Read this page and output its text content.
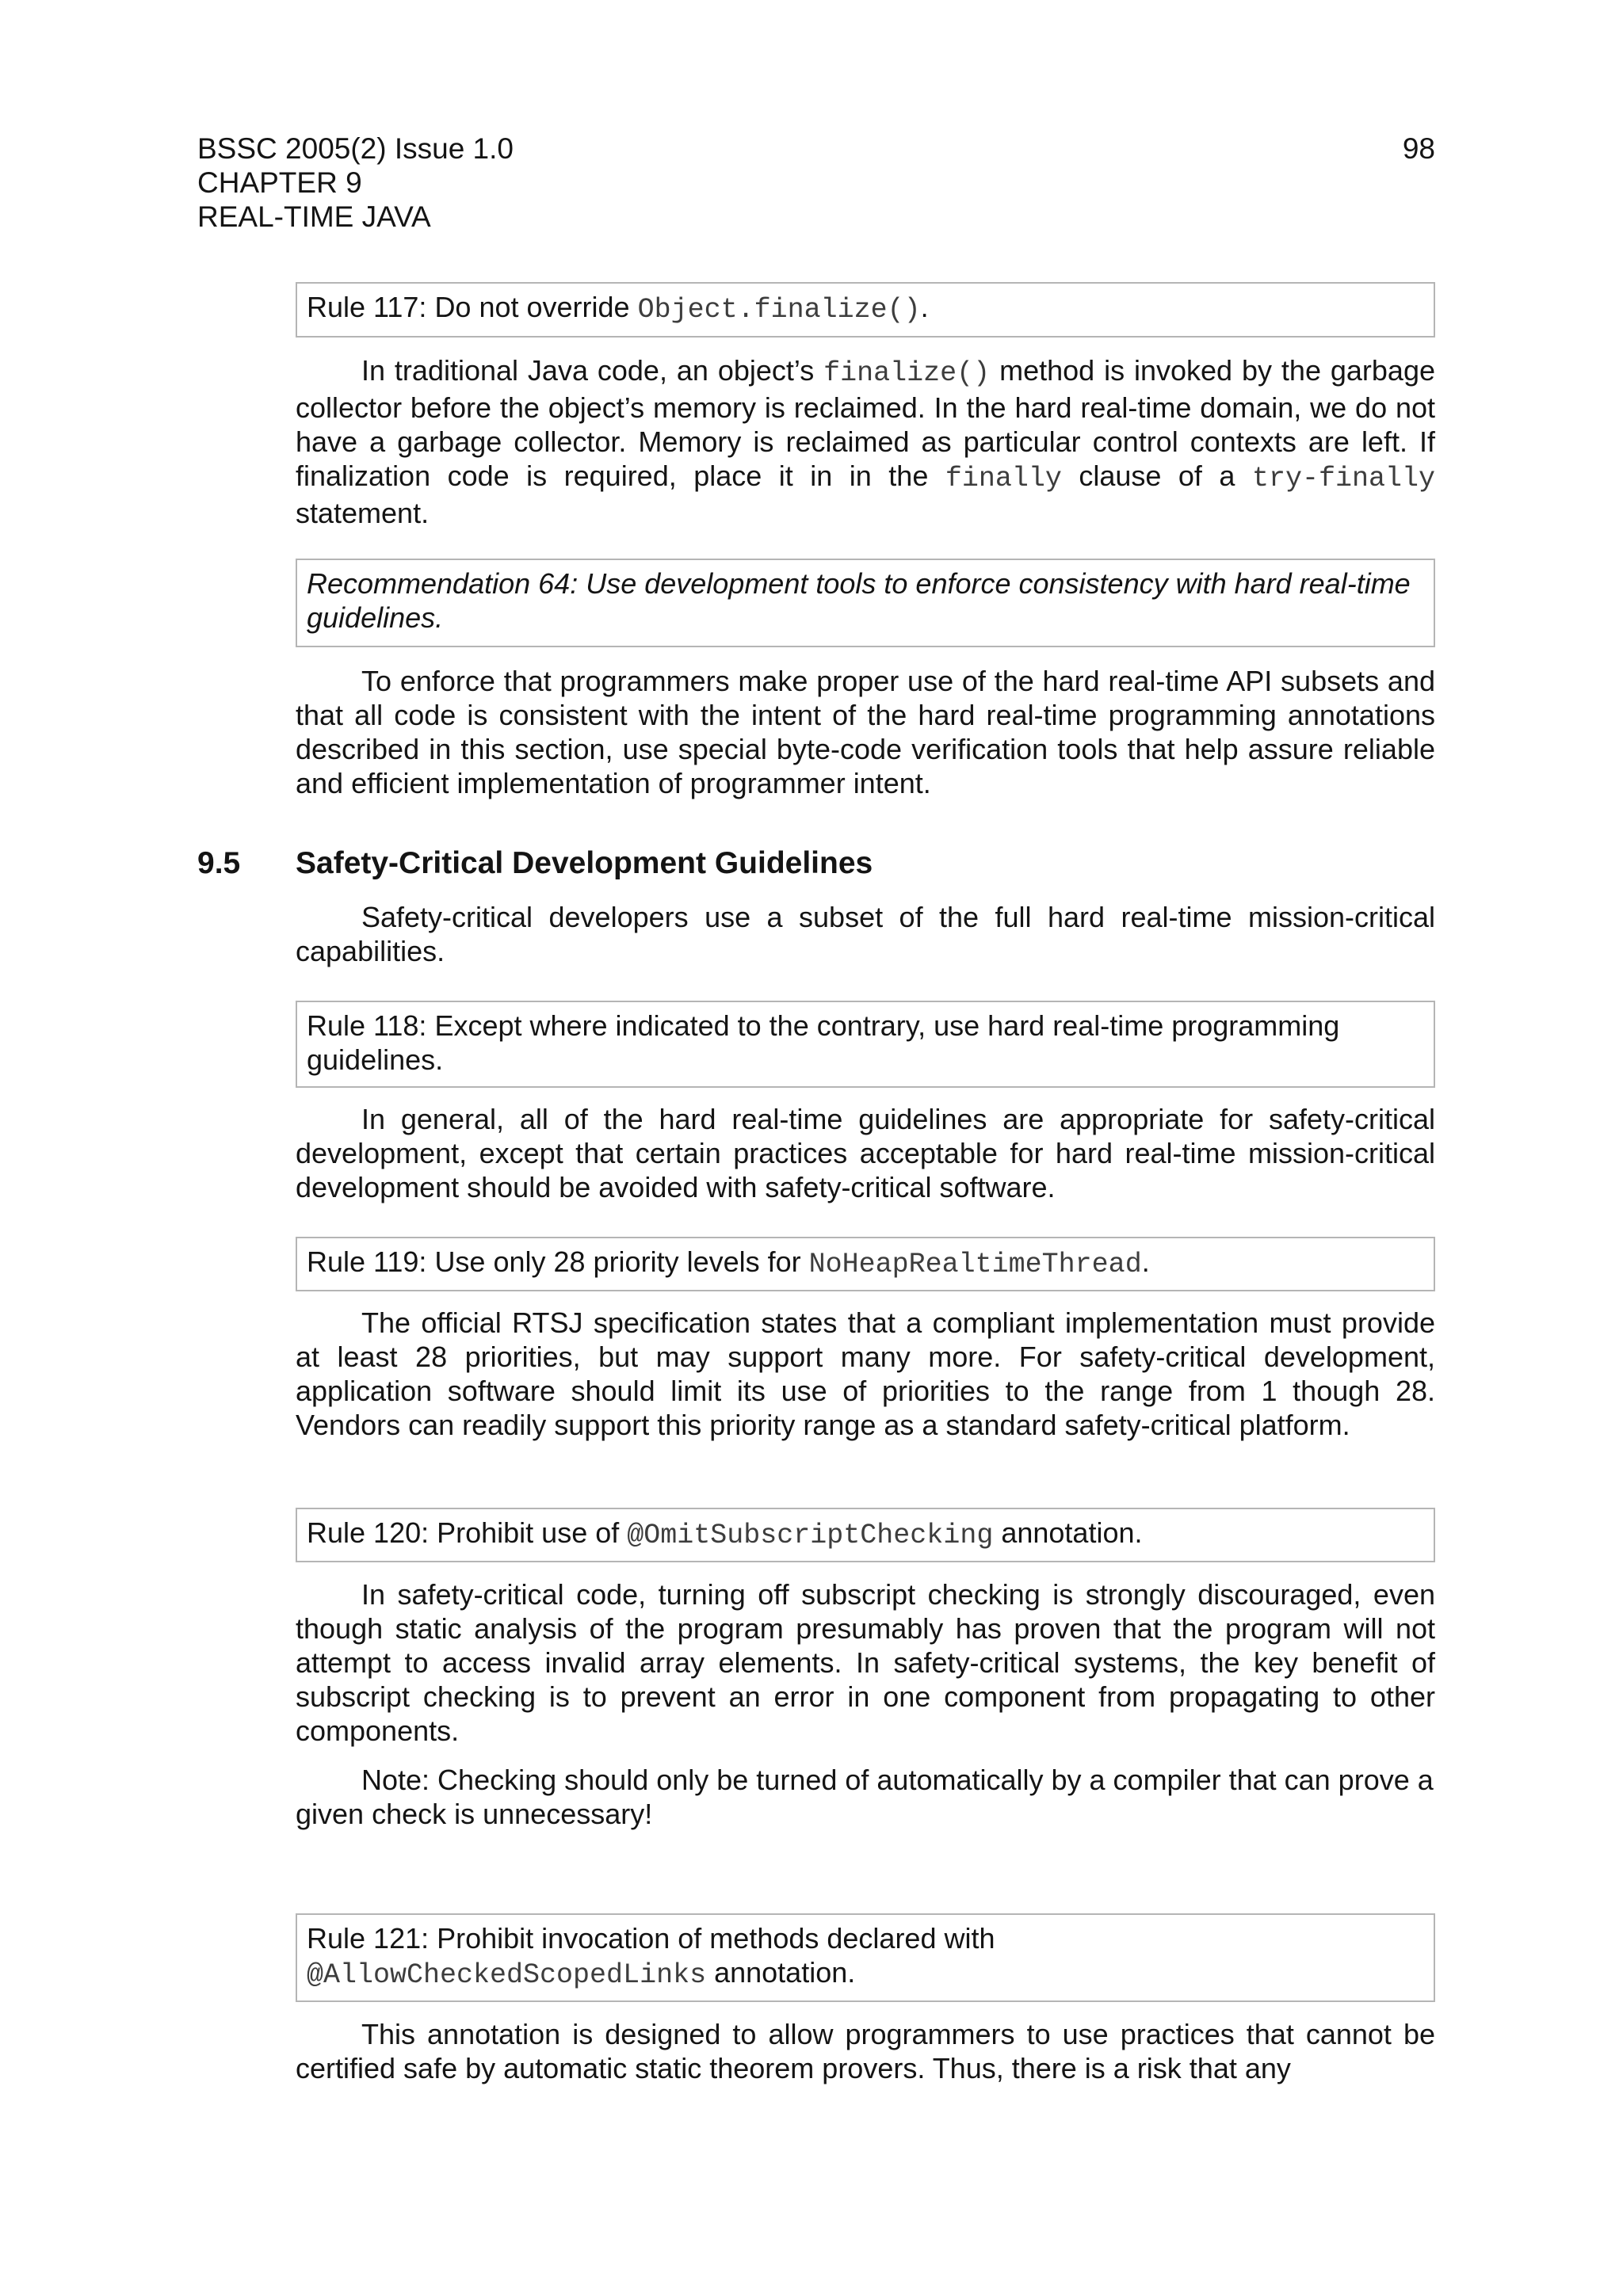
BSSC 2005(2) Issue 1.0
CHAPTER 9
REAL-TIME JAVA
98
Rule 117: Do not override Object.finalize().

In traditional Java code, an object’s finalize() method is invoked by the garbage collector before the object’s memory is reclaimed. In the hard real-time domain, we do not have a garbage collector. Memory is reclaimed as particular control contexts are left. If finalization code is required, place it in in the finally clause of a try-finally statement.

Recommendation 64: Use development tools to enforce consistency with hard real-time guidelines.

To enforce that programmers make proper use of the hard real-time API subsets and that all code is consistent with the intent of the hard real-time programming annotations described in this section, use special byte-code verification tools that help assure reliable and efficient implementation of programmer intent.

9.5 Safety-Critical Development Guidelines

Safety-critical developers use a subset of the full hard real-time mission-critical capabilities.

Rule 118: Except where indicated to the contrary, use hard real-time programming guidelines.

In general, all of the hard real-time guidelines are appropriate for safety-critical development, except that certain practices acceptable for hard real-time mission-critical development should be avoided with safety-critical software.

Rule 119: Use only 28 priority levels for NoHeapRealtimeThread.

The official RTSJ specification states that a compliant implementation must provide at least 28 priorities, but may support many more. For safety-critical development, application software should limit its use of priorities to the range from 1 though 28. Vendors can readily support this priority range as a standard safety-critical platform.

Rule 120: Prohibit use of @OmitSubscriptChecking annotation.

In safety-critical code, turning off subscript checking is strongly discouraged, even though static analysis of the program presumably has proven that the program will not attempt to access invalid array elements. In safety-critical systems, the key benefit of subscript checking is to prevent an error in one component from propagating to other components.

Note: Checking should only be turned of automatically by a compiler that can prove a given check is unnecessary!

Rule 121: Prohibit invocation of methods declared with
@AllowCheckedScopedLinks annotation.

This annotation is designed to allow programmers to use practices that cannot be certified safe by automatic static theorem provers. Thus, there is a risk that any
